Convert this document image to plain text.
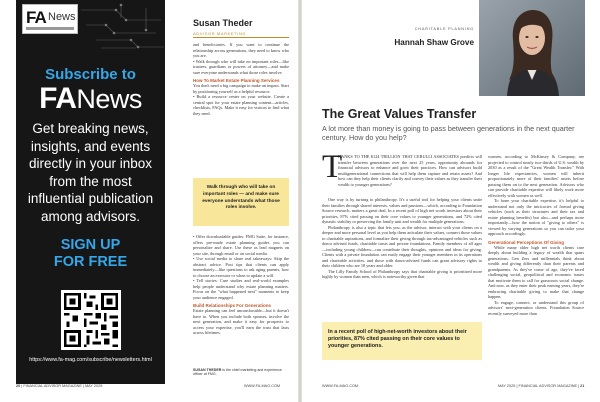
FA News
Subscribe to
FANews
Get breaking news, insights, and events directly in your inbox from the most influential publication among advisors.
SIGN UP
FOR FREE
https://www.fa-mag.com/subscribe/newsletters.html
Susan Theder
ADVISOR MARKETING

and beneficiaries. If you want to continue the relationship across generations, they need to know who you are.

• Walk through who will take on important roles—like trustees, guardians or powers of attorney—and make sure everyone understands what those roles involve.

How To Market Estate Planning Services

You don't need a big campaign to make an impact. Start by positioning yourself as a helpful resource.

• Build a resource center on your website. Create a central spot for your estate planning content—articles, checklists, FAQs. Make it easy for visitors to find what they need.

Walk through who will take on important roles — and make sure everyone understands what those roles involve.

• Offer downloadable guides: FMG Suite, for instance, offers pre-made estate planning guides you can personalize and share. Use these as lead magnets on your site, through email or on social media.

• Use social media to share real takeaways: Skip the abstract advice. Post tips that clients can apply immediately—like questions to ask aging parents, how to choose an executor or when to update a will.

• Tell stories: Case studies and real-world examples help people understand why estate planning matters. Focus on the "what happened next" moments to keep your audience engaged.

Build Relationships For Generations

Estate planning can feel uncomfortable—but it doesn't have to. When you include both spouses, involve the next generation, and make it easy for prospects to access your expertise, you'll earn the trust that lasts across lifetimes.

SUSAN THEDER is the chief marketing and experience officer at FMG.
CHARITABLE PLANNING
Hannah Shaw Grove
The Great Values Transfer
A lot more than money is going to pass between generations in the next quarter century. How do you help?
T

HANKS TO THE $124 TRILLION THAT CERULLI ASSOCIATES predicts will transfer between generations over the next 25 years, opportunity abounds for financial advisors to enhance and grow their practices. How can advisors build multigenerational connections that will help them capture and retain assets? And how can they help their clients clarify and convey their values as they transfer their wealth to younger generations?

One way is by turning to philanthropy. It's a useful tool for helping your clients unite their families through shared interests, values and passions—which, according to Foundation Source research, matters a great deal. In a recent poll of high net worth investors about their priorities, 87% cited passing on their core values to younger generations, and 72% cited dynastic stability or preserving the family unit and wealth for multiple generations.

Philanthropy is also a topic that lets you, as the advisor, interact with your clients on a deeper and more personal level as you help them articulate their values, connect those values to charitable aspirations, and formalize their giving through tax-advantaged vehicles such as donor advised funds, charitable trusts and private foundations. Family members of all ages—including young children—can contribute their thoughts, opinions and ideas for giving. Clients with a private foundation can easily engage their younger members in its operations and charitable activities, and those with donor-advised funds can grant advisory rights to their children who are 18 years and older.

The Lilly Family School of Philanthropy says that charitable giving is prioritized more highly by women than men, which is noteworthy given that

In a recent poll of high-net-worth investors about their priorities, 87% cited passing on their core values to younger generations.

women, according to McKinsey & Company, are projected to control nearly two-thirds of U.S. wealth by 2030 as a result of the "Great Wealth Transfer." With longer life expectancies, women will inherit proportionately more of their families' assets before passing them on to the next generation. Advisors who can provide charitable expertise will likely work more effectively with women as well.

To hone your charitable expertise, it's helpful to understand not only the intricacies of formal giving vehicles (such as their structures and their tax and estate planning benefits) but also—and perhaps more importantly—how the notion of "giving to others" is viewed by varying generations so you can tailor your approach accordingly.

Generational Perceptions Of Giving

While many older high net worth clients care deeply about building a legacy of wealth that spans generations, Gen Zers and millennials think about wealth and giving differently than their parents and grandparents. As they've come of age, they've faced challenging social, geopolitical and economic issues that motivate them to call for grassroots social change. And now, as they enter their peak earning years, they're embracing charitable giving to make that change happen.

To engage, connect, or understand this group of advisors' next-generation clients, Foundation Source recently surveyed more than

20 | FINANCIAL ADVISOR MAGAZINE | MAY 2025	WWW.FA-MAG.COM	WWW.FA-MAG.COM	MAY 2025 | FINANCIAL ADVISOR MAGAZINE | 21
